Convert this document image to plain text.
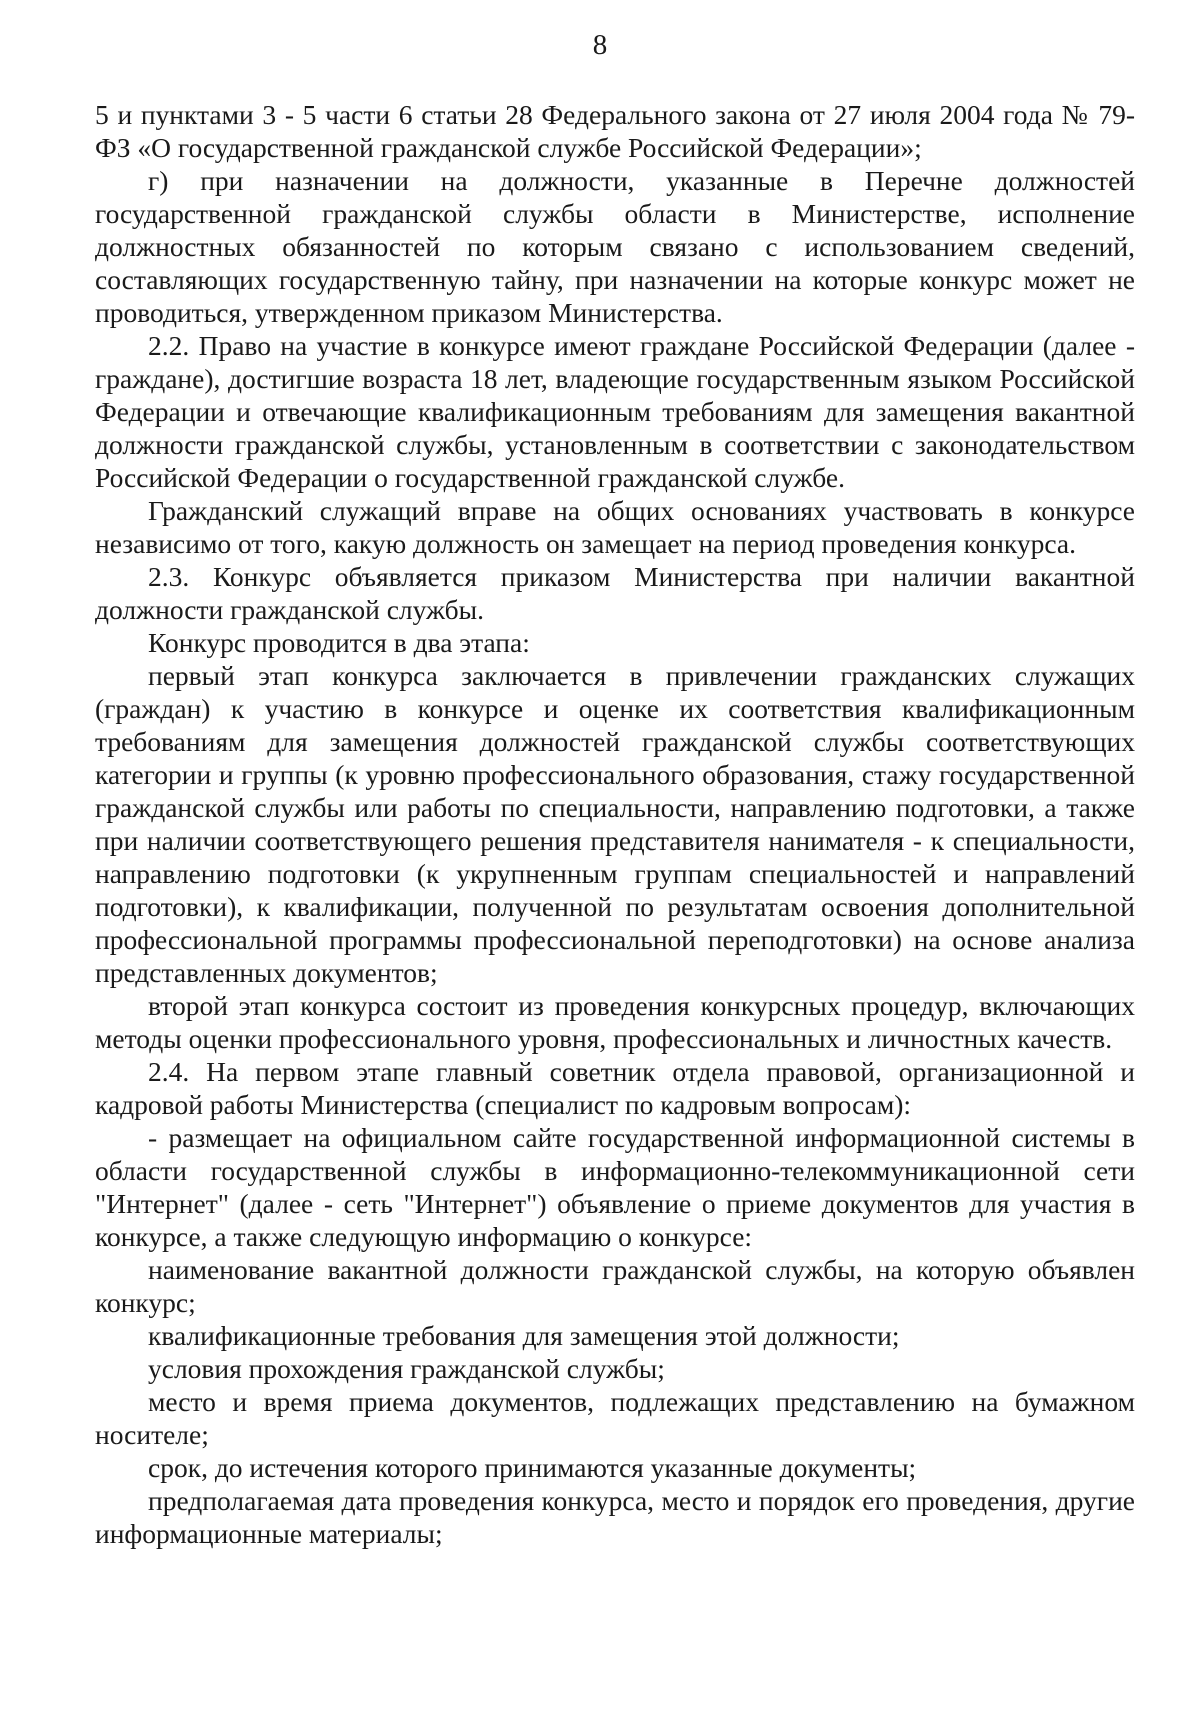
8

5 и пунктами 3 - 5 части 6 статьи 28 Федерального закона от 27 июля 2004 года № 79-ФЗ «О государственной гражданской службе Российской Федерации»;

г) при назначении на должности, указанные в Перечне должностей государственной гражданской службы области в Министерстве, исполнение должностных обязанностей по которым связано с использованием сведений, составляющих государственную тайну, при назначении на которые конкурс может не проводиться, утвержденном приказом Министерства.

2.2. Право на участие в конкурсе имеют граждане Российской Федерации (далее - граждане), достигшие возраста 18 лет, владеющие государственным языком Российской Федерации и отвечающие квалификационным требованиям для замещения вакантной должности гражданской службы, установленным в соответствии с законодательством Российской Федерации о государственной гражданской службе.

Гражданский служащий вправе на общих основаниях участвовать в конкурсе независимо от того, какую должность он замещает на период проведения конкурса.

2.3. Конкурс объявляется приказом Министерства при наличии вакантной должности гражданской службы.

Конкурс проводится в два этапа:

первый этап конкурса заключается в привлечении гражданских служащих (граждан) к участию в конкурсе и оценке их соответствия квалификационным требованиям для замещения должностей гражданской службы соответствующих категории и группы (к уровню профессионального образования, стажу государственной гражданской службы или работы по специальности, направлению подготовки, а также при наличии соответствующего решения представителя нанимателя - к специальности, направлению подготовки (к укрупненным группам специальностей и направлений подготовки), к квалификации, полученной по результатам освоения дополнительной профессиональной программы профессиональной переподготовки) на основе анализа представленных документов;

второй этап конкурса состоит из проведения конкурсных процедур, включающих методы оценки профессионального уровня, профессиональных и личностных качеств.

2.4. На первом этапе главный советник отдела правовой, организационной и кадровой работы Министерства (специалист по кадровым вопросам):

- размещает на официальном сайте государственной информационной системы в области государственной службы в информационно-телекоммуникационной сети "Интернет" (далее - сеть "Интернет") объявление о приеме документов для участия в конкурсе, а также следующую информацию о конкурсе:

наименование вакантной должности гражданской службы, на которую объявлен конкурс;

квалификационные требования для замещения этой должности;

условия прохождения гражданской службы;

место и время приема документов, подлежащих представлению на бумажном носителе;

срок, до истечения которого принимаются указанные документы;

предполагаемая дата проведения конкурса, место и порядок его проведения, другие информационные материалы;
